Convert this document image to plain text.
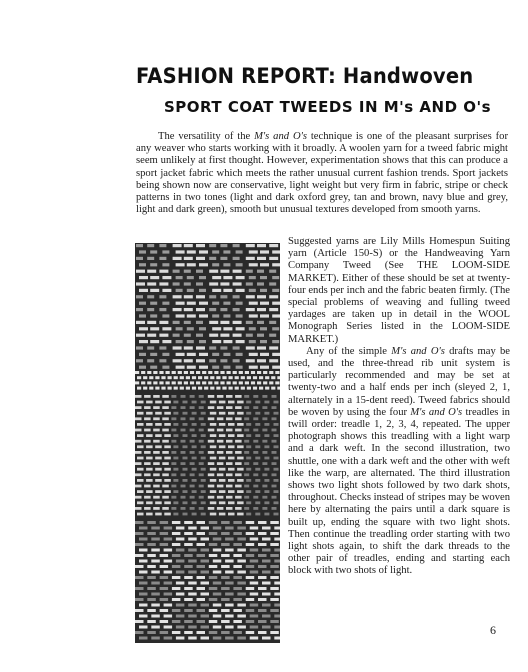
FASHION REPORT: Handwoven
SPORT COAT TWEEDS IN M's AND O's

The versatility of the M's and O's technique is one of the pleasant surprises for any weaver who starts working with it broadly. A woolen yarn for a tweed fabric might seem unlikely at first thought. However, experimentation shows that this can produce a sport jacket fabric which meets the rather unusual current fashion trends. Sport jackets being shown now are conservative, light weight but very firm in fabric, stripe or check patterns in two tones (light and dark oxford grey, tan and brown, navy blue and grey, light and dark green), smooth but unusual textures developed from smooth yarns.

Suggested yarns are Lily Mills Homespun Suiting yarn (Article 150-S) or the Handweaving Yarn Company Tweed (See THE LOOM-SIDE MARKET). Either of these should be set at twenty-four ends per inch and the fabric beaten firmly. (The special problems of weaving and fulling tweed yardages are taken up in detail in the WOOL Monograph Series listed in the LOOM-SIDE MARKET.)

Any of the simple M's and O's drafts may be used, and the three-thread rib unit system is particularly recommended and may be set at twenty-two and a half ends per inch (sleyed 2, 1, alternately in a 15-dent reed). Tweed fabrics should be woven by using the four M's and O's treadles in twill order: treadle 1, 2, 3, 4, repeated. The upper photograph shows this treadling with a light warp and a dark weft. In the second illustration, two shuttle, one with a dark weft and the other with weft like the warp, are alternated. The third illustration shows two light shots followed by two dark shots, throughout. Checks instead of stripes may be woven here by alternating the pairs until a dark square is built up, ending the square with two light shots. Then continue the treadling order starting with two light shots again, to shift the dark threads to the other pair of treadles, ending and starting each block with two shots of light.

6
